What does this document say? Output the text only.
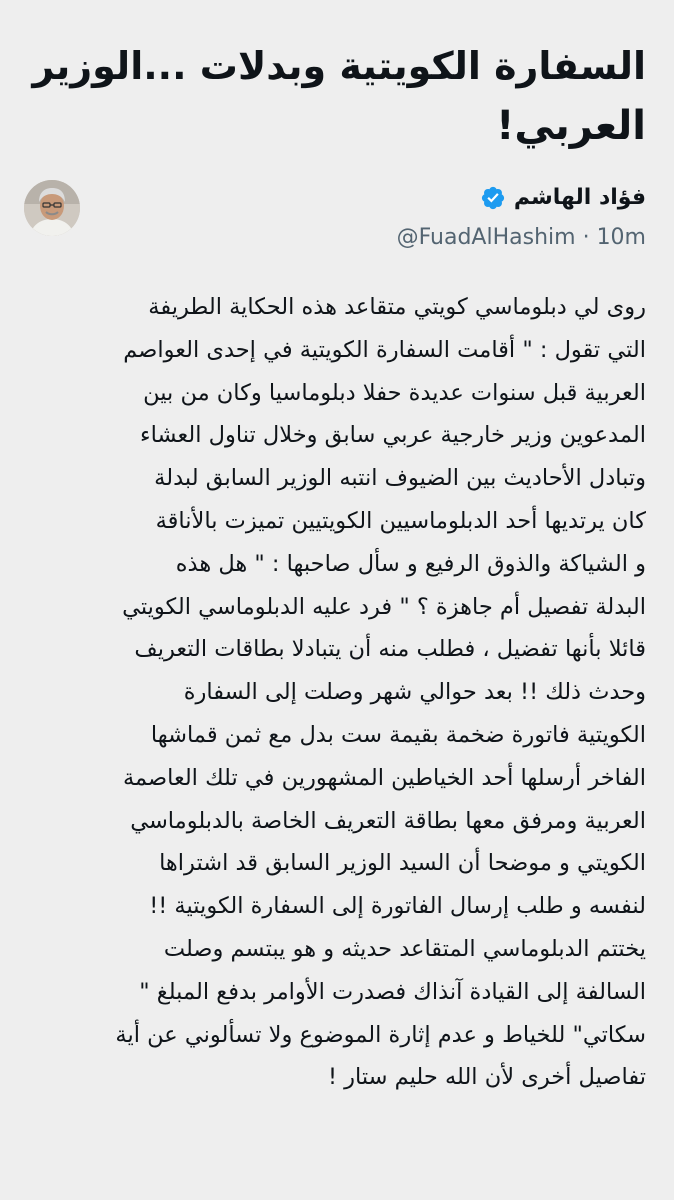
السفارة الكويتية وبدلات ...الوزير
العربي!
فؤاد الهاشم
@FuadAlHashim · 10m
روى لي دبلوماسي كويتي متقاعد هذه الحكاية الطريفة
التي تقول : " أقامت السفارة الكويتية في إحدى العواصم
العربية قبل سنوات عديدة حفلا دبلوماسيا وكان من بين
المدعوين وزير خارجية عربي سابق وخلال تناول العشاء
وتبادل الأحاديث بين الضيوف انتبه الوزير السابق لبدلة
كان يرتديها أحد الدبلوماسيين الكويتيين تميزت بالأناقة
و الشياكة والذوق الرفيع و سأل صاحبها : " هل هذه
البدلة تفصيل أم جاهزة ؟ " فرد عليه الدبلوماسي الكويتي
قائلا بأنها تفضيل ، فطلب منه أن يتبادلا بطاقات التعريف
وحدث ذلك !! بعد حوالي شهر وصلت إلى السفارة
الكويتية فاتورة ضخمة بقيمة ست بدل مع ثمن قماشها
الفاخر أرسلها أحد الخياطين المشهورين في تلك العاصمة
العربية ومرفق معها بطاقة التعريف الخاصة بالدبلوماسي
الكويتي و موضحا أن السيد الوزير السابق قد اشتراها
لنفسه و طلب إرسال الفاتورة إلى السفارة الكويتية !!
يختتم الدبلوماسي المتقاعد حديثه و هو يبتسم وصلت
السالفة إلى القيادة آنذاك فصدرت الأوامر بدفع المبلغ "
سكاتي" للخياط و عدم إثارة الموضوع ولا تسألوني عن أية
تفاصيل أخرى لأن الله حليم ستار !
